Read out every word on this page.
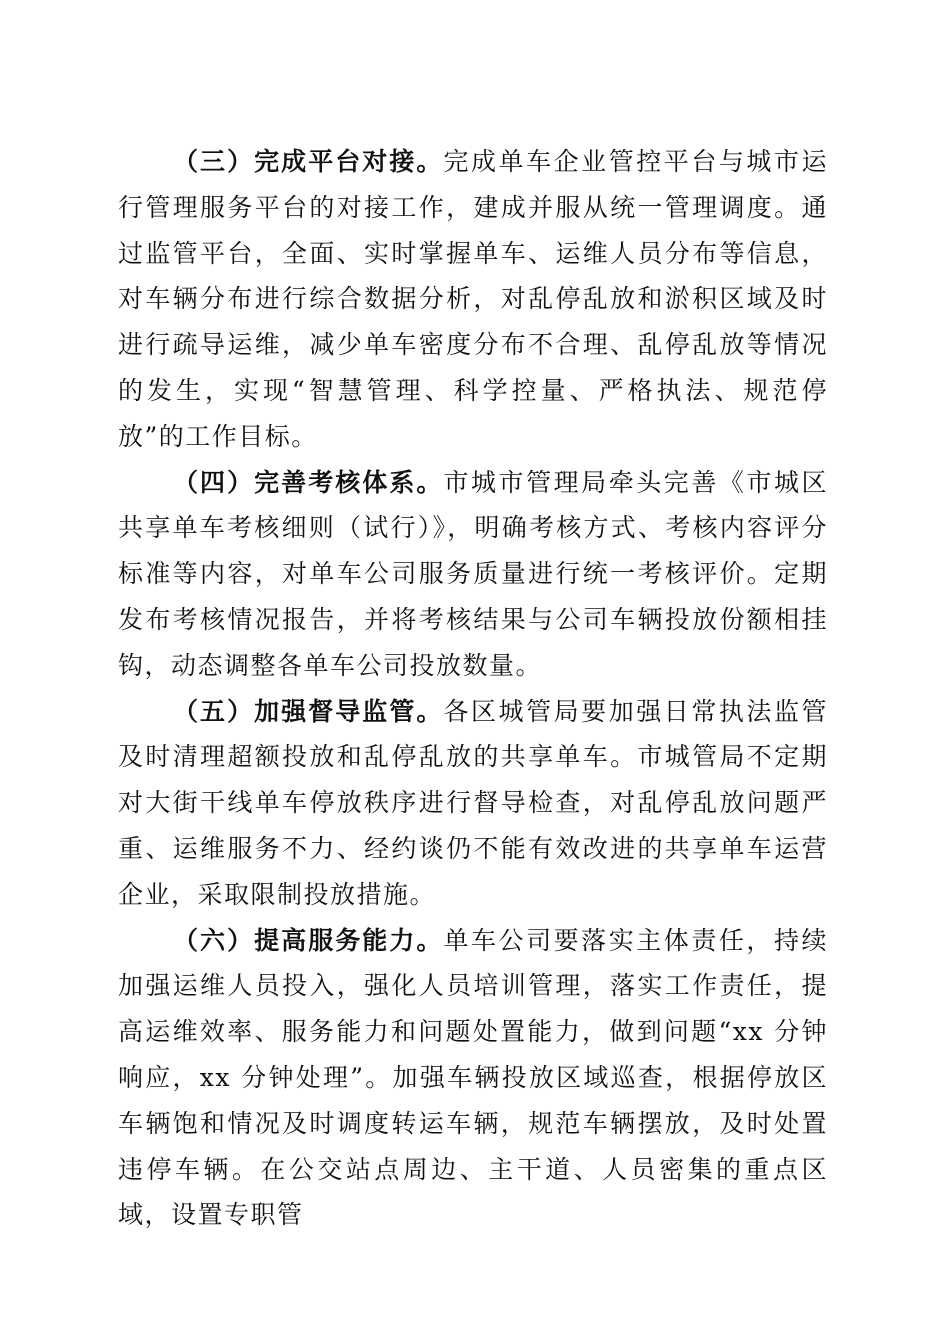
（三）完成平台对接。完成单车企业管控平台与城市运行管理服务平台的对接工作，建成并服从统一管理调度。通过监管平台，全面、实时掌握单车、运维人员分布等信息，对车辆分布进行综合数据分析，对乱停乱放和淤积区域及时进行疏导运维，减少单车密度分布不合理、乱停乱放等情况的发生，实现“智慧管理、科学控量、严格执法、规范停放”的工作目标。

（四）完善考核体系。市城市管理局牵头完善《市城区共享单车考核细则（试行）》，明确考核方式、考核内容评分标准等内容，对单车公司服务质量进行统一考核评价。定期发布考核情况报告，并将考核结果与公司车辆投放份额相挂钩，动态调整各单车公司投放数量。

（五）加强督导监管。各区城管局要加强日常执法监管及时清理超额投放和乱停乱放的共享单车。市城管局不定期对大街干线单车停放秩序进行督导检查，对乱停乱放问题严重、运维服务不力、经约谈仍不能有效改进的共享单车运营企业，采取限制投放措施。

（六）提高服务能力。单车公司要落实主体责任，持续加强运维人员投入，强化人员培训管理，落实工作责任，提高运维效率、服务能力和问题处置能力，做到问题“xx 分钟响应，xx 分钟处理”。加强车辆投放区域巡查，根据停放区车辆饱和情况及时调度转运车辆，规范车辆摆放，及时处置违停车辆。在公交站点周边、主干道、人员密集的重点区域，设置专职管
